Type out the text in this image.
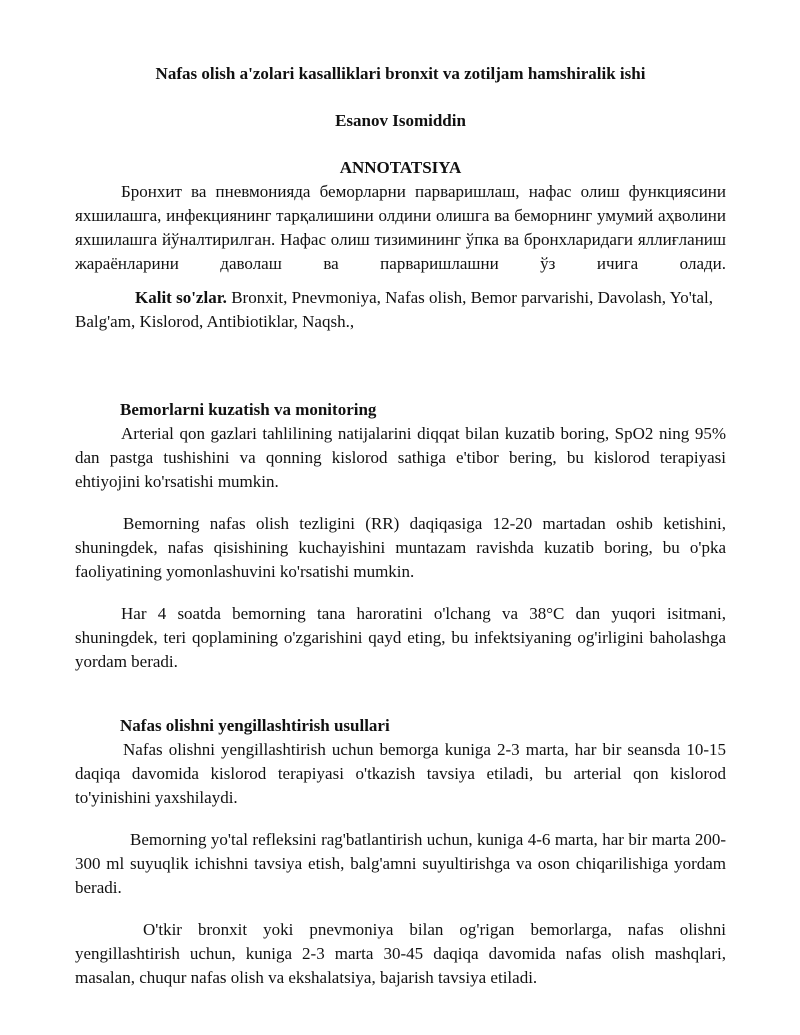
Nafas olish a'zolari kasalliklari bronxit va zotiljam hamshiralik ishi

Esanov Isomiddin

ANNOTATSIYA

Бронхит ва пневмонияда беморларни парваришлаш, нафас олиш функциясини яхшилашга, инфекциянинг тарқалишини олдини олишга ва беморнинг умумий аҳволини яхшилашга йўналтирилган. Нафас олиш тизимининг ўпка ва бронхларидаги яллиғланиш жараёнларини даволаш ва парваришлашни ўз ичига олади.

Kalit so'zlar. Bronxit, Pnevmoniya, Nafas olish, Bemor parvarishi, Davolash, Yo'tal, Balg'am, Kislorod, Antibiotiklar, Naqsh.,

Bemorlarni kuzatish va monitoring

Arterial qon gazlari tahlilining natijalarini diqqat bilan kuzatib boring, SpO2 ning 95% dan pastga tushishini va qonning kislorod sathiga e'tibor bering, bu kislorod terapiyasi ehtiyojini ko'rsatishi mumkin.

Bemorning nafas olish tezligini (RR) daqiqasiga 12-20 martadan oshib ketishini, shuningdek, nafas qisishining kuchayishini muntazam ravishda kuzatib boring, bu o'pka faoliyatining yomonlashuvini ko'rsatishi mumkin.

Har 4 soatda bemorning tana haroratini o'lchang va 38°C dan yuqori isitmani, shuningdek, teri qoplamining o'zgarishini qayd eting, bu infektsiyaning og'irligini baholashga yordam beradi.

Nafas olishni yengillashtirish usullari

Nafas olishni yengillashtirish uchun bemorga kuniga 2-3 marta, har bir seansda 10-15 daqiqa davomida kislorod terapiyasi o'tkazish tavsiya etiladi, bu arterial qon kislorod to'yinishini yaxshilaydi.

Bemorning yo'tal refleksini rag'batlantirish uchun, kuniga 4-6 marta, har bir marta 200-300 ml suyuqlik ichishni tavsiya etish, balg'amni suyultirishga va oson chiqarilishiga yordam beradi.

O'tkir bronxit yoki pnevmoniya bilan og'rigan bemorlarga, nafas olishni yengillashtirish uchun, kuniga 2-3 marta 30-45 daqiqa davomida nafas olish mashqlari, masalan, chuqur nafas olish va ekshalatsiya, bajarish tavsiya etiladi.
